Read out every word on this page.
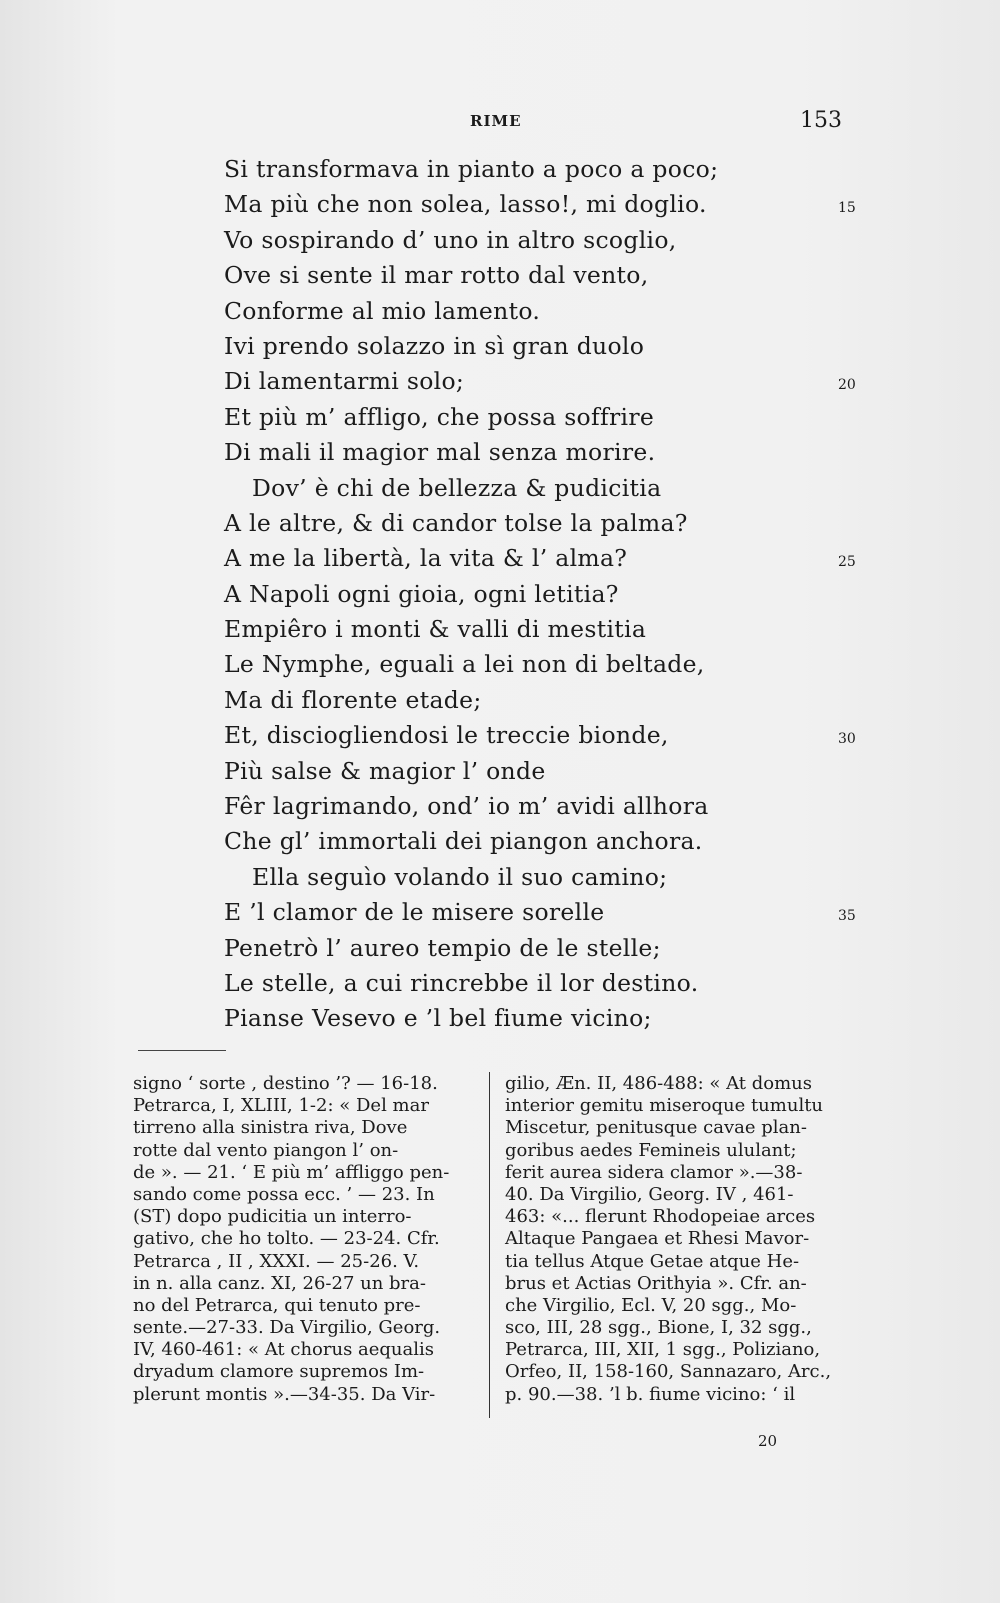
RIME	153
Si transformava in pianto a poco a poco;
Ma più che non solea, lasso!, mi doglio.
Vo sospirando d’ uno in altro scoglio,
Ove si sente il mar rotto dal vento,
Conforme al mio lamento.
Ivi prendo solazzo in sì gran duolo
Di lamentarmi solo;
Et più m’ affligo, che possa soffrire
Di mali il magior mal senza morire.
Dov’ è chi de bellezza & pudicitia
A le altre, & di candor tolse la palma?
A me la libertà, la vita & l’ alma?
A Napoli ogni gioia, ogni letitia?
Empiêro i monti & valli di mestitia
Le Nymphe, eguali a lei non di beltade,
Ma di florente etade;
Et, disciogliendosi le treccie bionde,
Più salse & magior l’ onde
Fêr lagrimando, ond’ io m’ avidi allhora
Che gl’ immortali dei piangon anchora.
Ella seguìo volando il suo camino;
E ’l clamor de le misere sorelle
Penetrò l’ aureo tempio de le stelle;
Le stelle, a cui rincrebbe il lor destino.
Pianse Vesevo e ’l bel fiume vicino;
15
20
25
30
35
signo ‘ sorte , destino ’? — 16-18.
Petrarca, I, XLIII, 1-2: « Del mar
tirreno alla sinistra riva, Dove
rotte dal vento piangon l’ on-
de ». — 21. ‘ E più m’ affliggo pen-
sando come possa ecc. ’ — 23. In
(ST) dopo pudicitia un interro-
gativo, che ho tolto. — 23-24. Cfr.
Petrarca , II , XXXI. — 25-26. V.
in n. alla canz. XI, 26-27 un bra-
no del Petrarca, qui tenuto pre-
sente.—27-33. Da Virgilio, Georg.
IV, 460-461: « At chorus aequalis
dryadum clamore supremos Im-
plerunt montis ».—34-35. Da Vir-
gilio, Æn. II, 486-488: « At domus
interior gemitu miseroque tumultu
Miscetur, penitusque cavae plan-
goribus aedes Femineis ululant;
ferit aurea sidera clamor ».—38-
40. Da Virgilio, Georg. IV , 461-
463: «... flerunt Rhodopeiae arces
Altaque Pangaea et Rhesi Mavor-
tia tellus Atque Getae atque He-
brus et Actias Orithyia ». Cfr. an-
che Virgilio, Ecl. V, 20 sgg., Mo-
sco, III, 28 sgg., Bione, I, 32 sgg.,
Petrarca, III, XII, 1 sgg., Poliziano,
Orfeo, II, 158-160, Sannazaro, Arc.,
p. 90.—38. ’l b. fiume vicino: ‘ il
20
